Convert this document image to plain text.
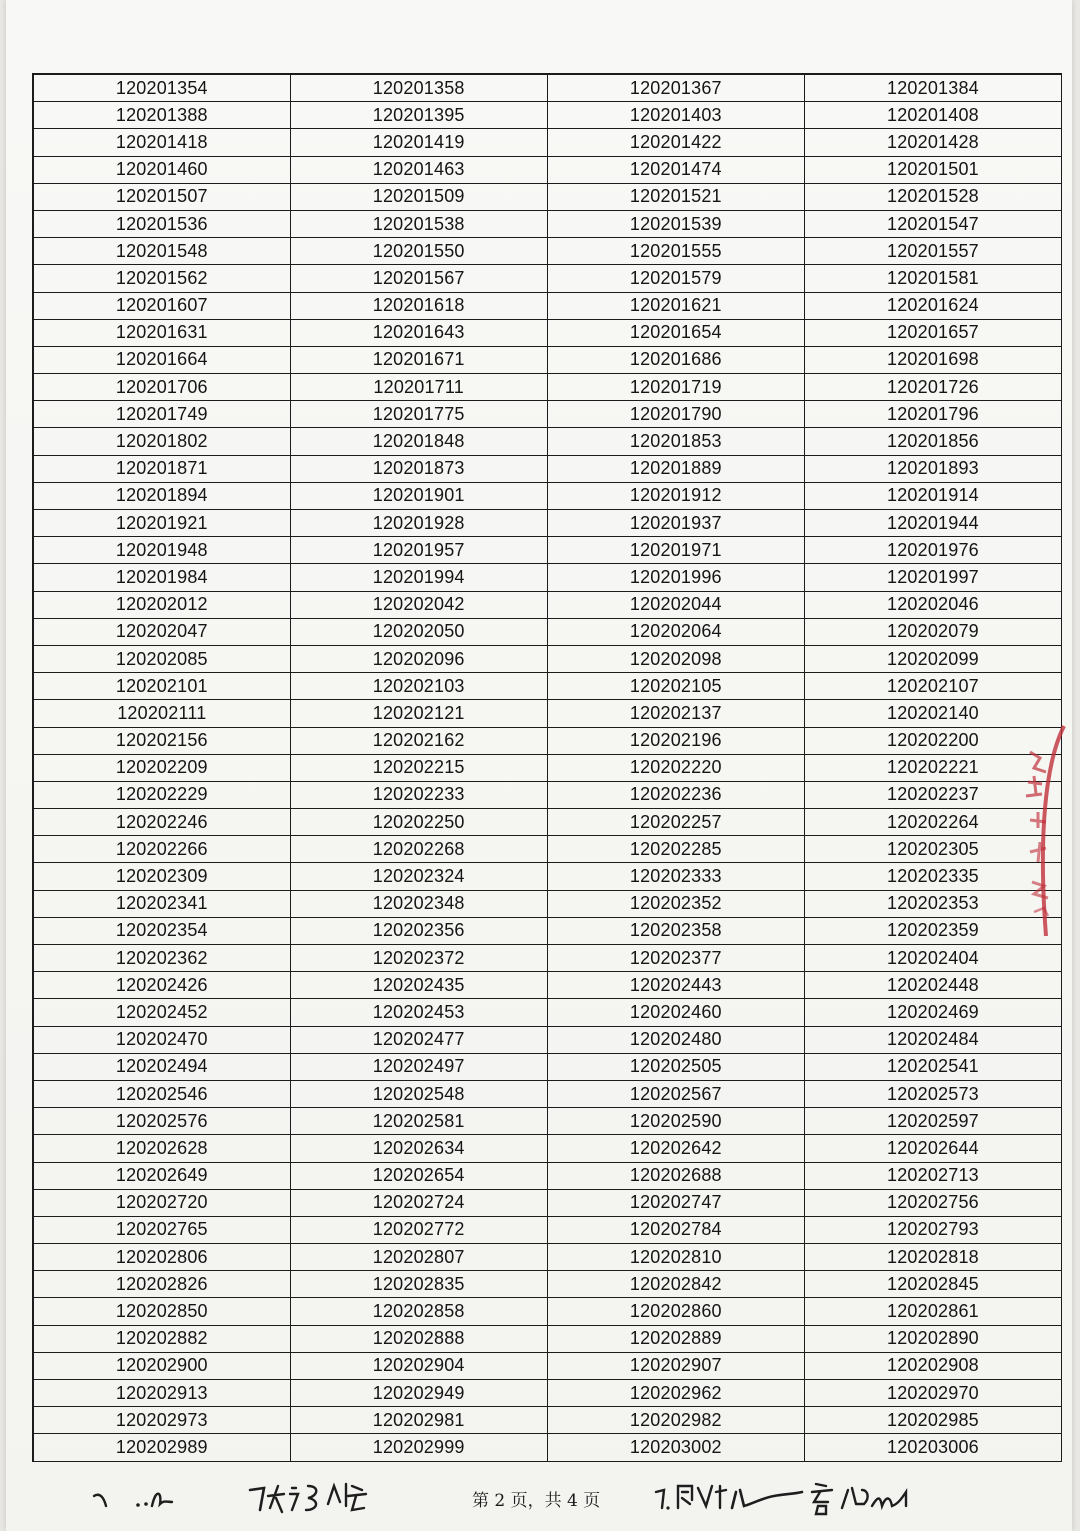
120201354	120201358	120201367	120201384
120201388	120201395	120201403	120201408
120201418	120201419	120201422	120201428
120201460	120201463	120201474	120201501
120201507	120201509	120201521	120201528
120201536	120201538	120201539	120201547
120201548	120201550	120201555	120201557
120201562	120201567	120201579	120201581
120201607	120201618	120201621	120201624
120201631	120201643	120201654	120201657
120201664	120201671	120201686	120201698
120201706	120201711	120201719	120201726
120201749	120201775	120201790	120201796
120201802	120201848	120201853	120201856
120201871	120201873	120201889	120201893
120201894	120201901	120201912	120201914
120201921	120201928	120201937	120201944
120201948	120201957	120201971	120201976
120201984	120201994	120201996	120201997
120202012	120202042	120202044	120202046
120202047	120202050	120202064	120202079
120202085	120202096	120202098	120202099
120202101	120202103	120202105	120202107
120202111	120202121	120202137	120202140
120202156	120202162	120202196	120202200
120202209	120202215	120202220	120202221
120202229	120202233	120202236	120202237
120202246	120202250	120202257	120202264
120202266	120202268	120202285	120202305
120202309	120202324	120202333	120202335
120202341	120202348	120202352	120202353
120202354	120202356	120202358	120202359
120202362	120202372	120202377	120202404
120202426	120202435	120202443	120202448
120202452	120202453	120202460	120202469
120202470	120202477	120202480	120202484
120202494	120202497	120202505	120202541
120202546	120202548	120202567	120202573
120202576	120202581	120202590	120202597
120202628	120202634	120202642	120202644
120202649	120202654	120202688	120202713
120202720	120202724	120202747	120202756
120202765	120202772	120202784	120202793
120202806	120202807	120202810	120202818
120202826	120202835	120202842	120202845
120202850	120202858	120202860	120202861
120202882	120202888	120202889	120202890
120202900	120202904	120202907	120202908
120202913	120202949	120202962	120202970
120202973	120202981	120202982	120202985
120202989	120202999	120203002	120203006
第 2 页，共 4 页
